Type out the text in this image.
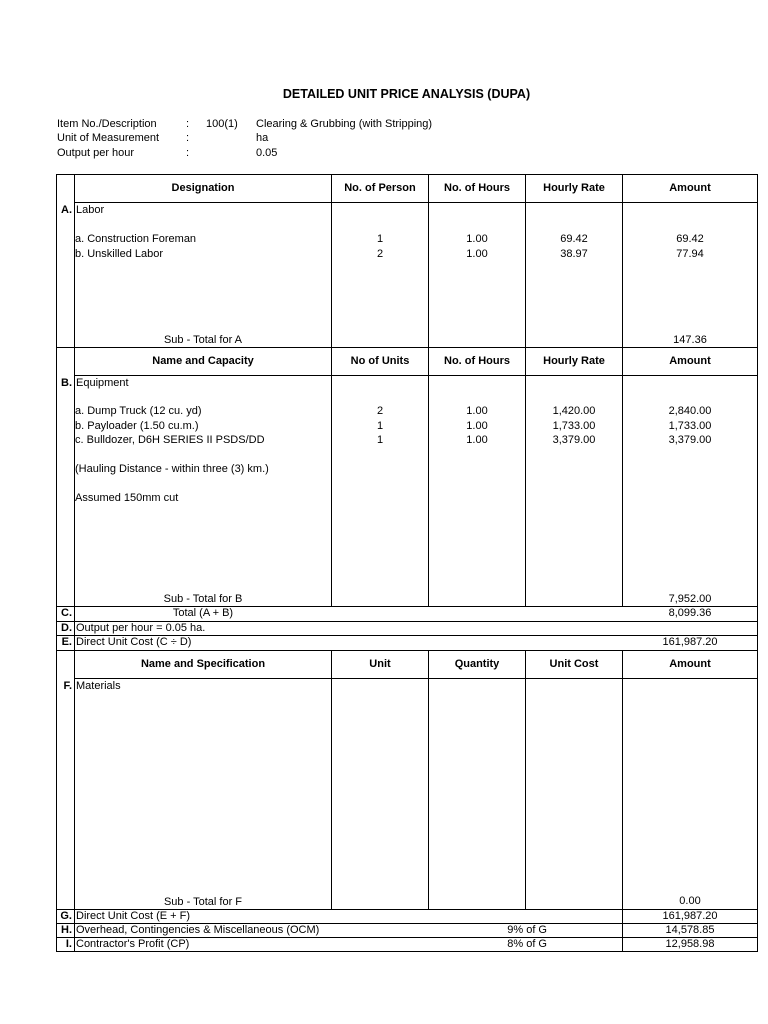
DETAILED UNIT PRICE ANALYSIS (DUPA)
Item No./Description	: 100(1) Clearing & Grubbing (with Stripping)
Unit of Measurement :	ha
Output per hour	:	0.05
Designation	No. of Person	No. of Hours	Hourly Rate	Amount
A. Labor
a. Construction Foreman	1	1.00	69.42	69.42
b. Unskilled Labor	2	1.00	38.97	77.94
Sub - Total for A	147.36
Name and Capacity	No of Units	No. of Hours	Hourly Rate	Amount
B. Equipment
a. Dump Truck (12 cu. yd)	2	1.00	1,420.00	2,840.00
b. Payloader (1.50 cu.m.)	1	1.00	1,733.00	1,733.00
c. Bulldozer, D6H SERIES II PSDS/DD	1	1.00	3,379.00	3,379.00
(Hauling Distance - within three (3) km.)
Assumed 150mm cut
Sub - Total for B	7,952.00
C.	Total (A + B)	8,099.36
D. Output per hour = 0.05 ha.
E. Direct Unit Cost (C ÷ D)	161,987.20
Name and Specification	Unit	Quantity	Unit Cost	Amount
F. Materials
Sub - Total for F	0.00
G. Direct Unit Cost (E + F)	161,987.20
H. Overhead, Contingencies & Miscellaneous (OCM)	9% of G	14,578.85
I. Contractor's Profit (CP)	8% of G	12,958.98
